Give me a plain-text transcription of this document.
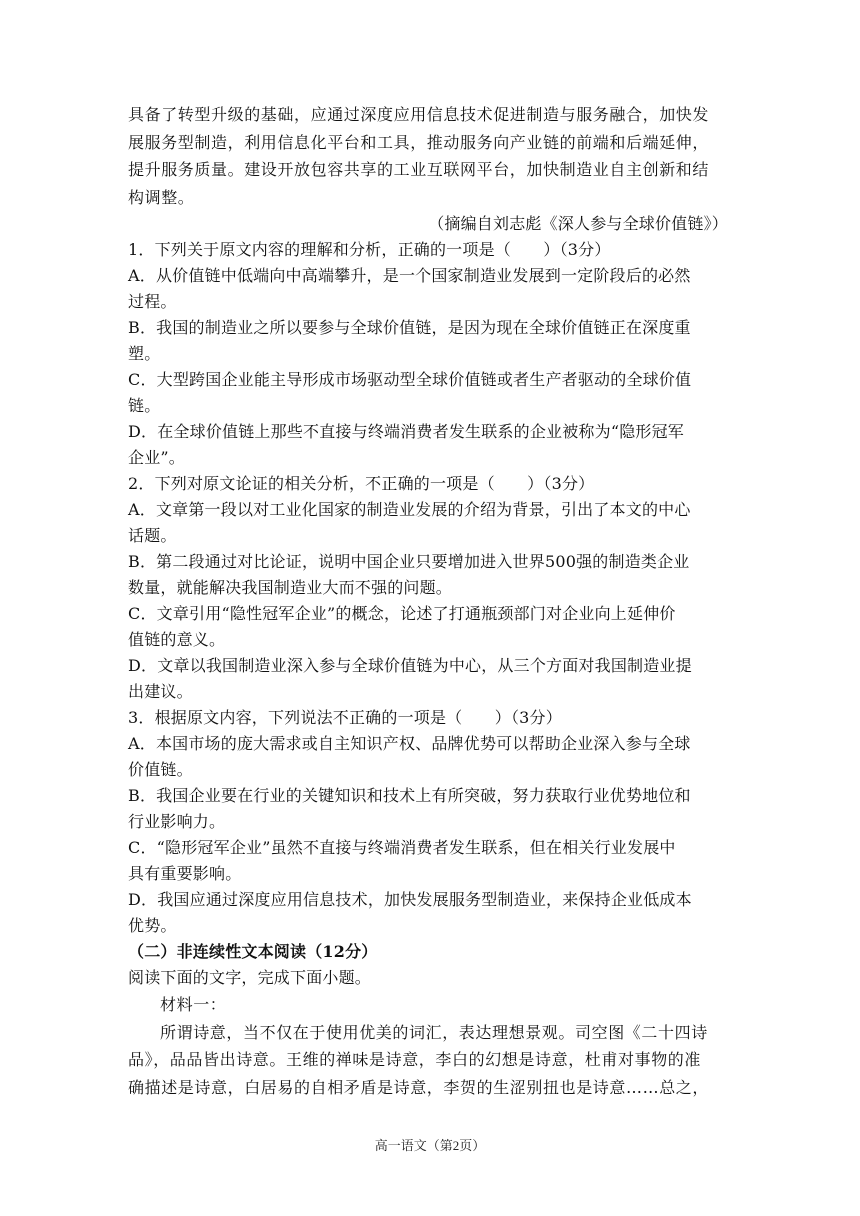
具备了转型升级的基础，应通过深度应用信息技术促进制造与服务融合，加快发
展服务型制造，利用信息化平台和工具，推动服务向产业链的前端和后端延伸，
提升服务质量。建设开放包容共享的工业互联网平台，加快制造业自主创新和结
构调整。
（摘编自刘志彪《深人参与全球价值链》）
1．下列关于原文内容的理解和分析，正确的一项是（　　）（3分）
A．从价值链中低端向中高端攀升，是一个国家制造业发展到一定阶段后的必然
过程。
B．我国的制造业之所以要参与全球价值链，是因为现在全球价值链正在深度重
塑。
C．大型跨国企业能主导形成市场驱动型全球价值链或者生产者驱动的全球价值
链。
D．在全球价值链上那些不直接与终端消费者发生联系的企业被称为“隐形冠军
企业”。
2．下列对原文论证的相关分析，不正确的一项是（　　）（3分）
A．文章第一段以对工业化国家的制造业发展的介绍为背景，引出了本文的中心
话题。
B．第二段通过对比论证，说明中国企业只要增加进入世界500强的制造类企业
数量，就能解决我国制造业大而不强的问题。
C．文章引用“隐性冠军企业”的概念，论述了打通瓶颈部门对企业向上延伸价
值链的意义。
D．文章以我国制造业深入参与全球价值链为中心，从三个方面对我国制造业提
出建议。
3．根据原文内容，下列说法不正确的一项是（　　）（3分）
A．本国市场的庞大需求或自主知识产权、品牌优势可以帮助企业深入参与全球
价值链。
B．我国企业要在行业的关键知识和技术上有所突破，努力获取行业优势地位和
行业影响力。
C．“隐形冠军企业”虽然不直接与终端消费者发生联系，但在相关行业发展中
具有重要影响。
D．我国应通过深度应用信息技术，加快发展服务型制造业，来保持企业低成本
优势。
（二）非连续性文本阅读（12分）
阅读下面的文字，完成下面小题。
材料一：
所谓诗意，当不仅在于使用优美的词汇，表达理想景观。司空图《二十四诗
品》，品品皆出诗意。王维的禅味是诗意，李白的幻想是诗意，杜甫对事物的准
确描述是诗意，白居易的自相矛盾是诗意，李贺的生涩别扭也是诗意……总之，
高一语文（第2页）
